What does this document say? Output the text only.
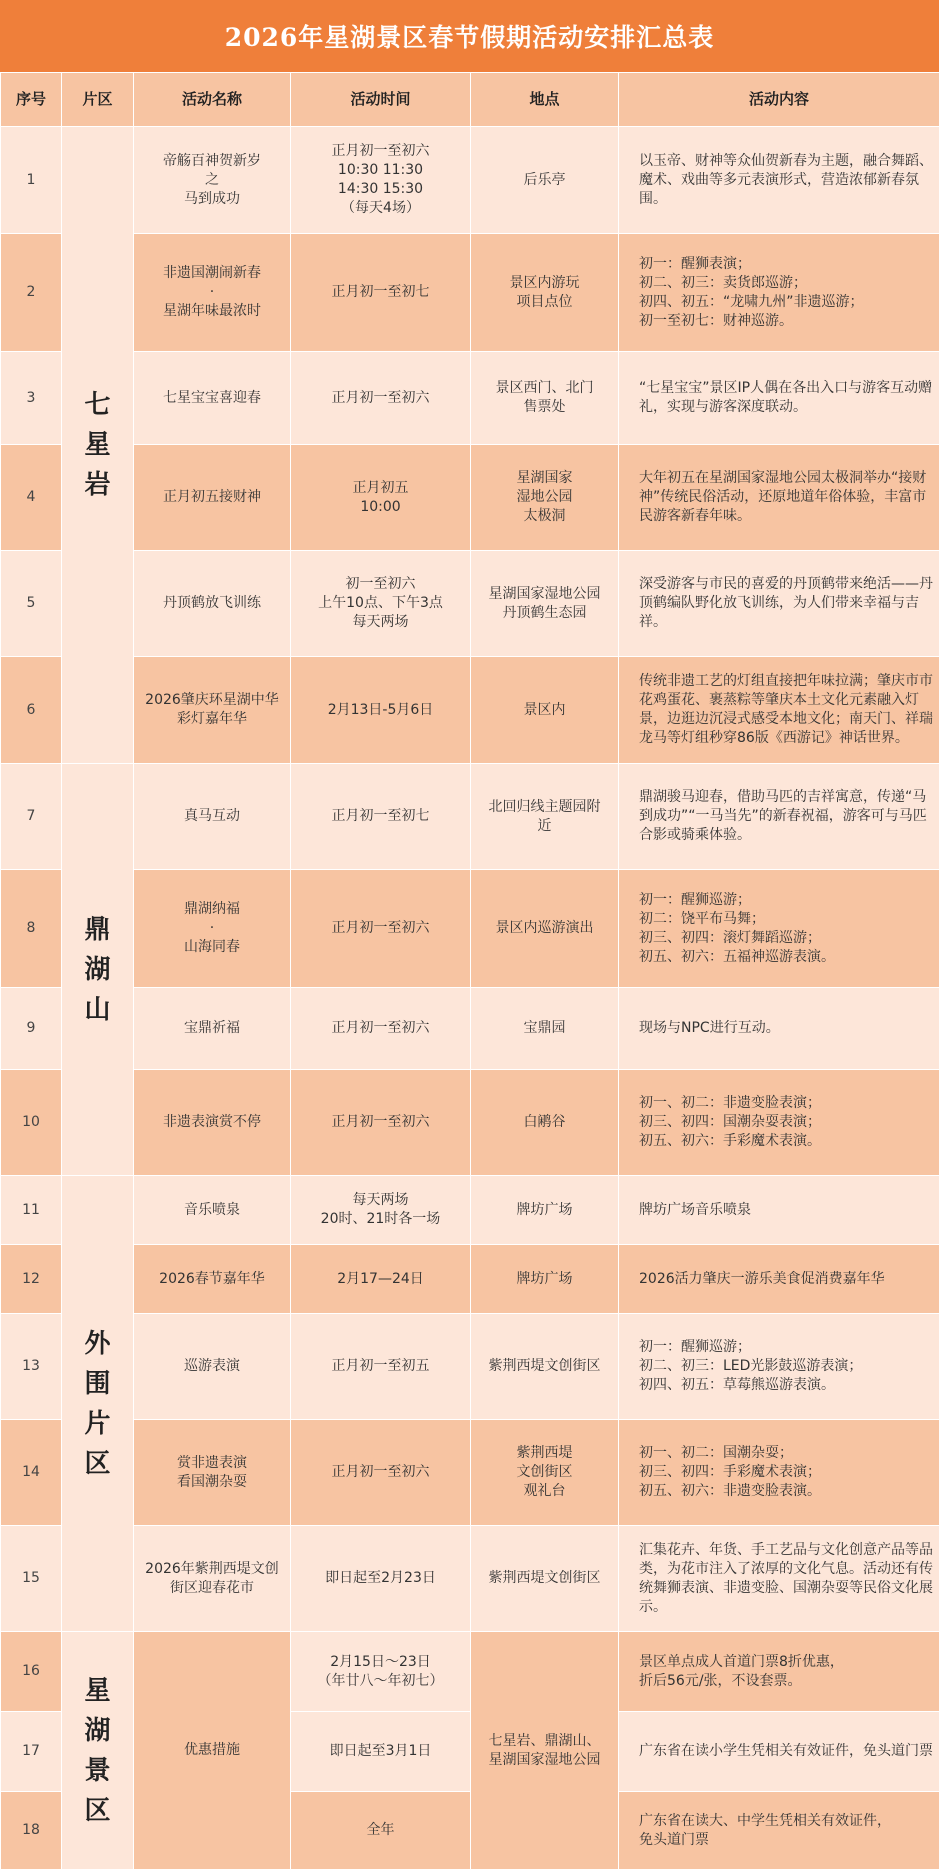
2026年星湖景区春节假期活动安排汇总表
序号	片区	活动名称	活动时间	地点	活动内容
1	七
星
岩	帝觞百神贺新岁
之
马到成功	正月初一至初六
10:30 11:30
14:30 15:30
（每天4场）	后乐亭	以玉帝、财神等众仙贺新春为主题，融合舞蹈、魔术、戏曲等多元表演形式，营造浓郁新春氛围。
2		非遗国潮闹新春
·
星湖年味最浓时	正月初一至初七	景区内游玩
项目点位	初一：醒狮表演；
初二、初三：卖货郎巡游；
初四、初五：“龙啸九州”非遗巡游；
初一至初七：财神巡游。
3		七星宝宝喜迎春	正月初一至初六	景区西门、北门
售票处	“七星宝宝”景区IP人偶在各出入口与游客互动赠礼，实现与游客深度联动。
4		正月初五接财神	正月初五
10:00	星湖国家
湿地公园
太极洞	大年初五在星湖国家湿地公园太极洞举办“接财神”传统民俗活动，还原地道年俗体验，丰富市民游客新春年味。
5		丹顶鹤放飞训练	初一至初六
上午10点、下午3点
每天两场	星湖国家湿地公园
丹顶鹤生态园	深受游客与市民的喜爱的丹顶鹤带来绝活——丹顶鹤编队野化放飞训练，为人们带来幸福与吉祥。
6		2026肇庆环星湖中华
彩灯嘉年华	2月13日-5月6日	景区内	传统非遗工艺的灯组直接把年味拉满；肇庆市市花鸡蛋花、裹蒸粽等肇庆本土文化元素融入灯景，边逛边沉浸式感受本地文化；南天门、祥瑞龙马等灯组秒穿86版《西游记》神话世界。
7	鼎
湖
山	真马互动	正月初一至初七	北回归线主题园附
近	鼎湖骏马迎春，借助马匹的吉祥寓意，传递“马到成功”“一马当先”的新春祝福，游客可与马匹合影或骑乘体验。
8		鼎湖纳福
·
山海同春	正月初一至初六	景区内巡游演出	初一：醒狮巡游；
初二：饶平布马舞；
初三、初四：滚灯舞蹈巡游；
初五、初六：五福神巡游表演。
9		宝鼎祈福	正月初一至初六	宝鼎园	现场与NPC进行互动。
10		非遗表演赏不停	正月初一至初六	白鹇谷	初一、初二：非遗变脸表演；
初三、初四：国潮杂耍表演；
初五、初六：手彩魔术表演。
11	外
围
片
区	音乐喷泉	每天两场
20时、21时各一场	牌坊广场	牌坊广场音乐喷泉
12		2026春节嘉年华	2月17—24日	牌坊广场	2026活力肇庆一游乐美食促消费嘉年华
13		巡游表演	正月初一至初五	紫荆西堤文创街区	初一：醒狮巡游；
初二、初三：LED光影鼓巡游表演；
初四、初五：草莓熊巡游表演。
14		赏非遗表演
看国潮杂耍	正月初一至初六	紫荆西堤
文创街区
观礼台	初一、初二：国潮杂耍；
初三、初四：手彩魔术表演；
初五、初六：非遗变脸表演。
15		2026年紫荆西堤文创
街区迎春花市	即日起至2月23日	紫荆西堤文创街区	汇集花卉、年货、手工艺品与文化创意产品等品类，为花市注入了浓厚的文化气息。活动还有传统舞狮表演、非遗变脸、国潮杂耍等民俗文化展示。
16	星
湖
景
区	优惠措施	2月15日～23日
（年廿八～年初七）	七星岩、鼎湖山、
星湖国家湿地公园	景区单点成人首道门票8折优惠，
折后56元/张，不设套票。
17			即日起至3月1日		广东省在读小学生凭相关有效证件，免头道门票
18			全年		广东省在读大、中学生凭相关有效证件，
免头道门票
